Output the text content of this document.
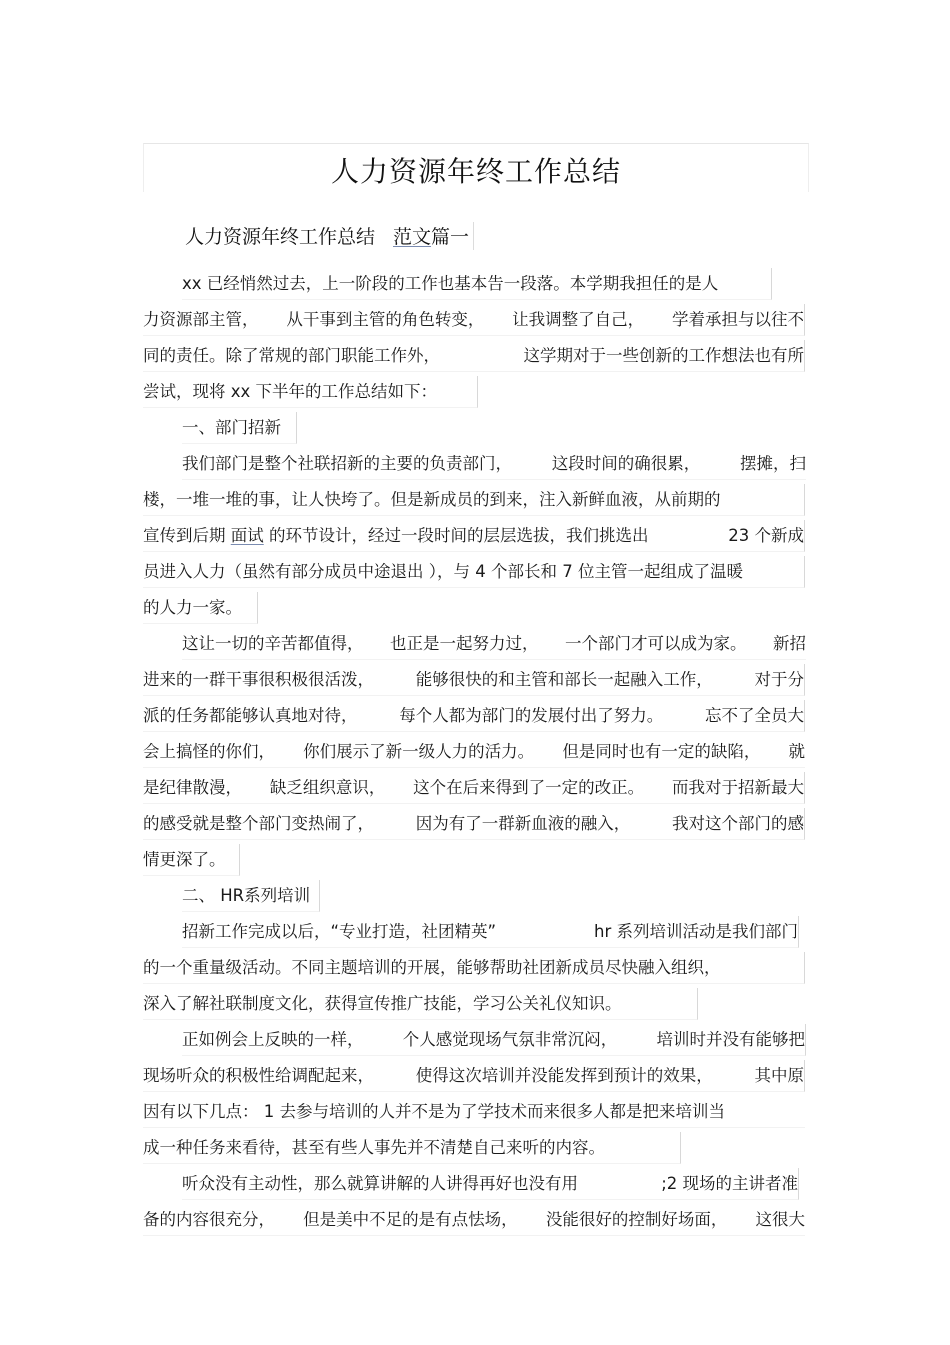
人力资源年终工作总结
人力资源年终工作总结 范文篇一
xx 已经悄然过去，上一阶段的工作也基本告一段落。本学期我担任的是人
力资源部主管， 从干事到主管的角色转变， 让我调整了自己， 学着承担与以往不
同的责任。除了常规的部门职能工作外，	这学期对于一些创新的工作想法也有所
尝试，现将 xx 下半年的工作总结如下：
一、部门招新
我们部门是整个社联招新的主要的负责部门， 这段时间的确很累， 摆摊，扫
楼，一堆一堆的事，让人快垮了。但是新成员的到来，注入新鲜血液，从前期的
宣传到后期 面试 的环节设计，经过一段时间的层层选拔，我们挑选出	23 个新成
员进入人力（虽然有部分成员中途退出 ），与 4 个部长和 7 位主管一起组成了温暖
的人力一家。
这让一切的辛苦都值得， 也正是一起努力过， 一个部门才可以成为家。 新招
进来的一群干事很积极很活泼，	能够很快的和主管和部长一起融入工作，	对于分
派的任务都能够认真地对待，	每个人都为部门的发展付出了努力。	忘不了全员大
会上搞怪的你们， 你们展示了新一级人力的活力。 但是同时也有一定的缺陷， 就
是纪律散漫， 缺乏组织意识， 这个在后来得到了一定的改正。 而我对于招新最大
的感受就是整个部门变热闹了，	因为有了一群新血液的融入，	我对这个部门的感
情更深了。
二、 HR系列培训
招新工作完成以后，“专业打造，社团精英”	hr 系列培训活动是我们部门
的一个重量级活动。不同主题培训的开展，能够帮助社团新成员尽快融入组织，
深入了解社联制度文化，获得宣传推广技能，学习公关礼仪知识。
正如例会上反映的一样， 个人感觉现场气氛非常沉闷， 培训时并没有能够把
现场听众的积极性给调配起来，	使得这次培训并没能发挥到预计的效果，	其中原
因有以下几点： 1 去参与培训的人并不是为了学技术而来很多人都是把来培训当
成一种任务来看待，甚至有些人事先并不清楚自己来听的内容。
听众没有主动性，那么就算讲解的人讲得再好也没有用	;2 现场的主讲者准
备的内容很充分， 但是美中不足的是有点怯场， 没能很好的控制好场面， 这很大
